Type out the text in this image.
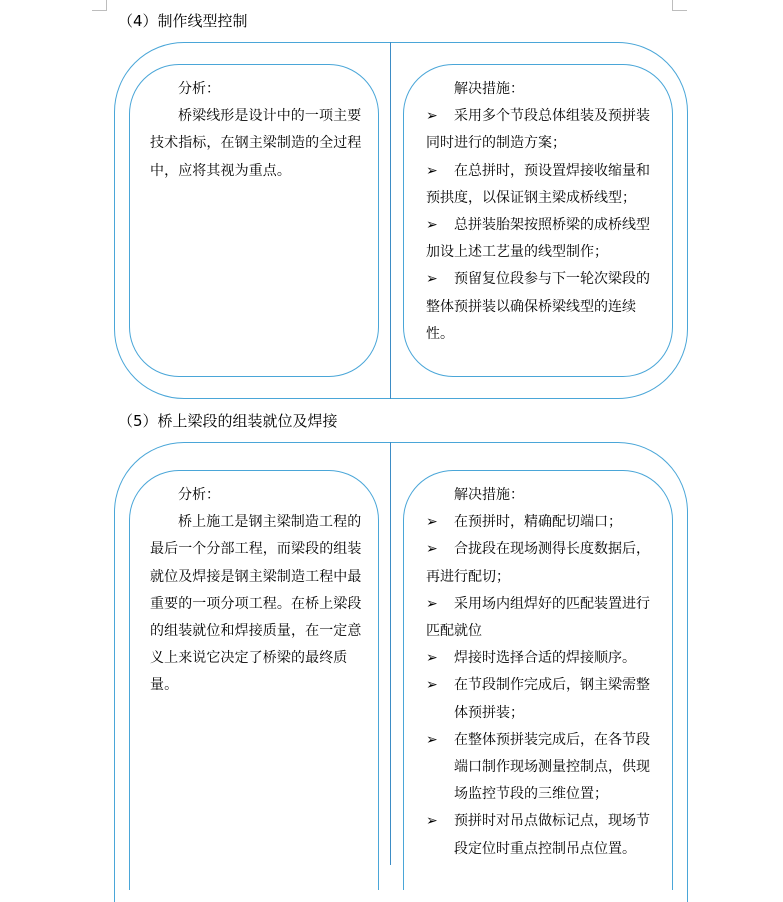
（4）制作线型控制
分析：
桥梁线形是设计中的一项主要技术指标，在钢主梁制造的全过程中，应将其视为重点。
解决措施：
➢ 采用多个节段总体组装及预拼装同时进行的制造方案；
➢ 在总拼时，预设置焊接收缩量和预拱度，以保证钢主梁成桥线型；
➢ 总拼装胎架按照桥梁的成桥线型加设上述工艺量的线型制作；
➢ 预留复位段参与下一轮次梁段的整体预拼装以确保桥梁线型的连续性。
（5）桥上梁段的组装就位及焊接
分析：
桥上施工是钢主梁制造工程的最后一个分部工程，而梁段的组装就位及焊接是钢主梁制造工程中最重要的一项分项工程。在桥上梁段的组装就位和焊接质量，在一定意义上来说它决定了桥梁的最终质量。
解决措施：
➢ 在预拼时，精确配切端口；
➢ 合拢段在现场测得长度数据后，再进行配切；
➢ 采用场内组焊好的匹配装置进行匹配就位
➢ 焊接时选择合适的焊接顺序。
➢	在节段制作完成后，钢主梁需整体预拼装；
➢	在整体预拼装完成后，在各节段端口制作现场测量控制点，供现场监控节段的三维位置；
➢	预拼时对吊点做标记点，现场节段定位时重点控制吊点位置。
